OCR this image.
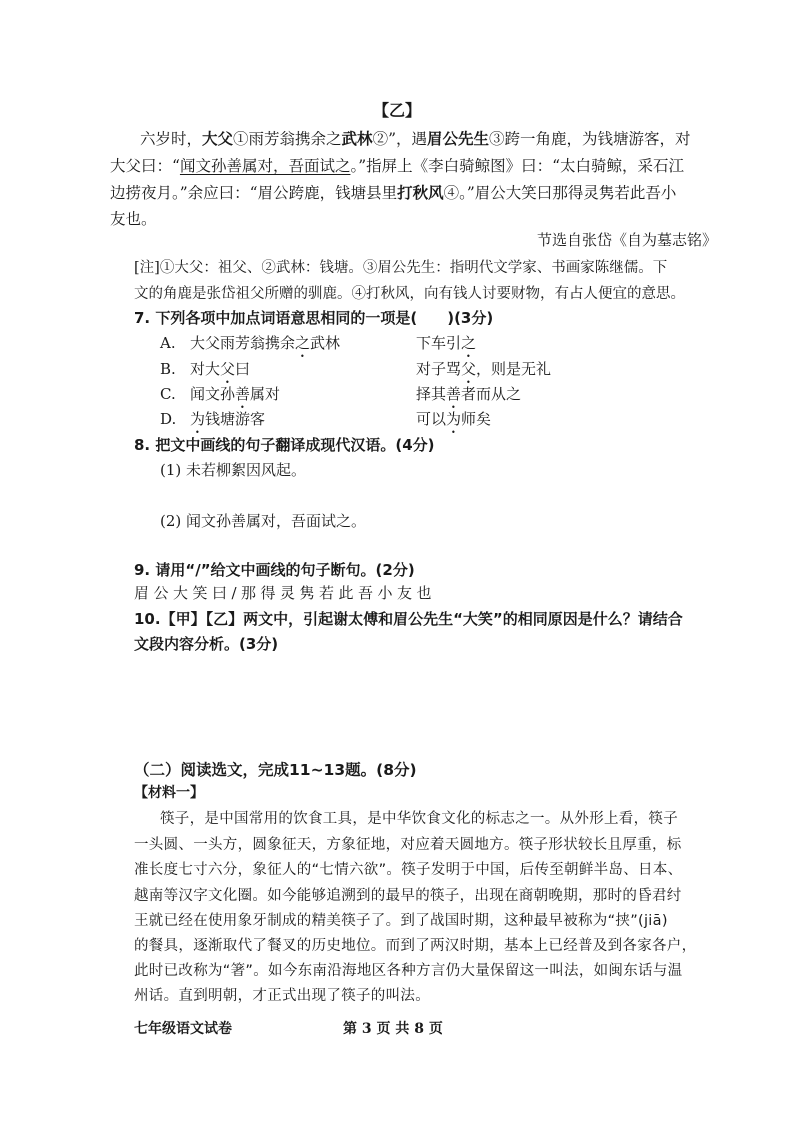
【乙】
六岁时，大父①雨芳翁携余之武林②”，遇眉公先生③跨一角鹿，为钱塘游客，对
大父曰：“闻文孙善属对，吾面试之。”指屏上《李白骑鲸图》曰：“太白骑鲸，采石江
边捞夜月。”余应曰：“眉公跨鹿，钱塘县里打秋风④。”眉公大笑曰那得灵隽若此吾小
友也。
节选自张岱《自为墓志铭》
[注]①大父：祖父、②武林：钱塘。③眉公先生：指明代文学家、书画家陈继儒。下
文的角鹿是张岱祖父所赠的驯鹿。④打秋风，向有钱人讨要财物，有占人便宜的意思。
7. 下列各项中加点词语意思相同的一项是(　　)(3分)
A. 大父雨芳翁携余之武林	下车引之
B. 对大父曰	对子骂父，则是无礼
C. 闻文孙善属对	择其善者而从之
D. 为钱塘游客	可以为师矣
8. 把文中画线的句子翻译成现代汉语。(4分)
(1) 未若柳絮因风起。
(2) 闻文孙善属对，吾面试之。
9. 请用“/”给文中画线的句子断句。(2分)
眉公大笑曰/那得灵隽若此吾小友也
10.【甲】【乙】两文中，引起谢太傅和眉公先生“大笑”的相同原因是什么？请结合
文段内容分析。(3分)
（二）阅读选文，完成11~13题。(8分)
【材料一】
筷子，是中国常用的饮食工具，是中华饮食文化的标志之一。从外形上看，筷子
一头圆、一头方，圆象征天，方象征地，对应着天圆地方。筷子形状较长且厚重，标
准长度七寸六分，象征人的“七情六欲”。筷子发明于中国，后传至朝鲜半岛、日本、
越南等汉字文化圈。如今能够追溯到的最早的筷子，出现在商朝晚期，那时的昏君纣
王就已经在使用象牙制成的精美筷子了。到了战国时期，这种最早被称为“挟”(jiā)
的餐具，逐渐取代了餐叉的历史地位。而到了两汉时期，基本上已经普及到各家各户，
此时已改称为“箸”。如今东南沿海地区各种方言仍大量保留这一叫法，如闽东话与温
州话。直到明朝，才正式出现了筷子的叫法。
七年级语文试卷	第 3 页 共 8 页
